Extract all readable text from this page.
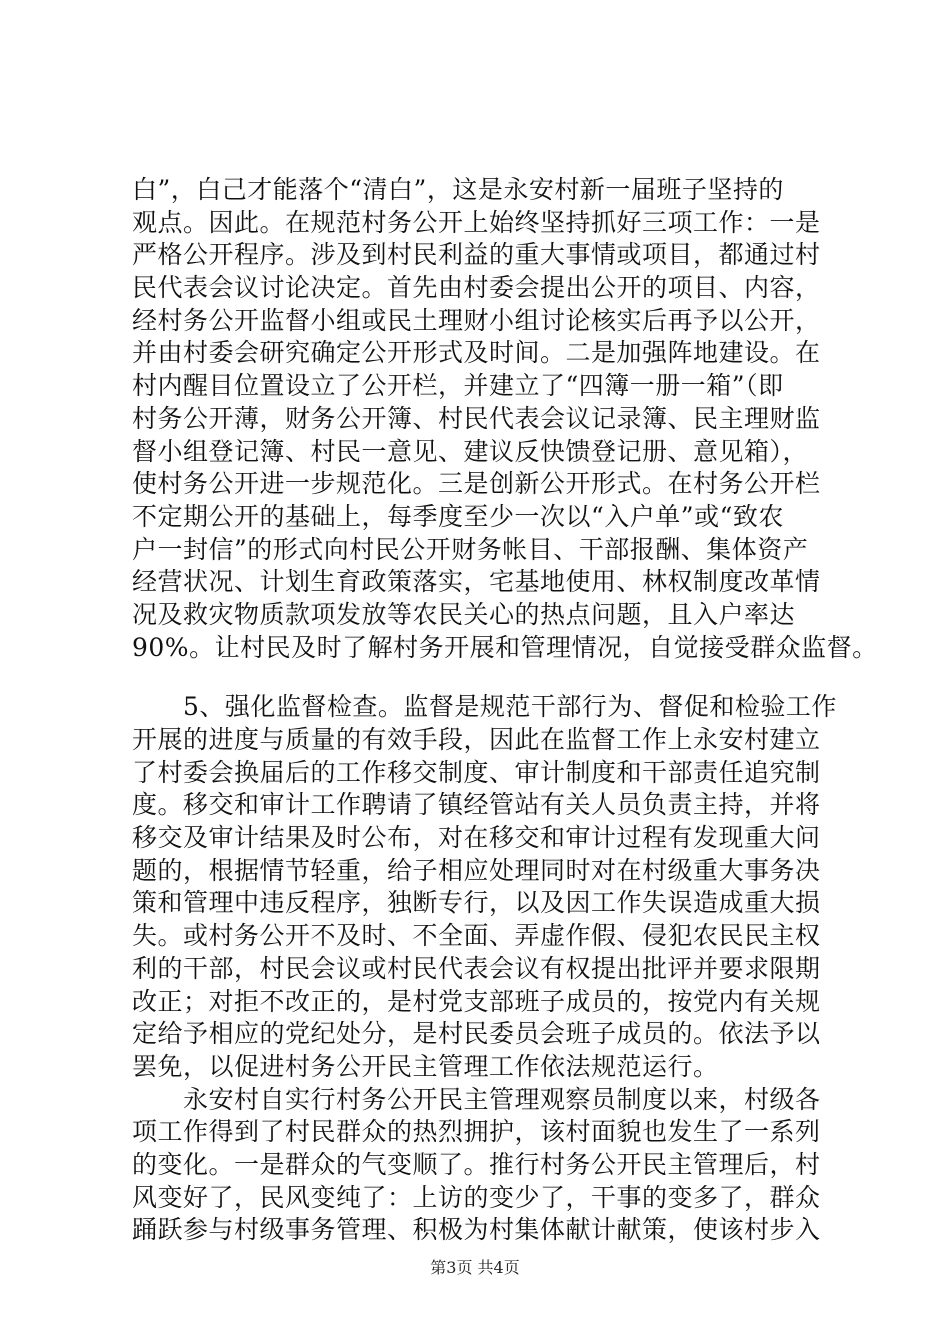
白”，白己才能落个“清白”，这是永安村新一届班子坚持的
观点。因此。在规范村务公开上始终坚持抓好三项工作：一是
严格公开程序。涉及到村民利益的重大事情或项目，都通过村
民代表会议讨论决定。首先由村委会提出公开的项目、内容，
经村务公开监督小组或民土理财小组讨论核实后再予以公开，
并由村委会研究确定公开形式及时间。二是加强阵地建设。在
村内醒目位置设立了公开栏，并建立了“四簿一册一箱”（即
村务公开薄，财务公开簿、村民代表会议记录簿、民主理财监
督小组登记簿、村民一意见、建议反快馈登记册、意见箱），
使村务公开进一步规范化。三是创新公开形式。在村务公开栏
不定期公开的基础上，每季度至少一次以“入户单”或“致农
户一封信”的形式向村民公开财务帐目、干部报酬、集体资产
经营状况、计划生育政策落实，宅基地使用、林权制度改革情
况及救灾物质款项发放等农民关心的热点问题，且入户率达
90%。让村民及时了解村务开展和管理情况，自觉接受群众监督。
　　5、强化监督检查。监督是规范干部行为、督促和检验工作
开展的进度与质量的有效手段，因此在监督工作上永安村建立
了村委会换届后的工作移交制度、审计制度和干部责任追究制
度。移交和审计工作聘请了镇经管站有关人员负责主持，并将
移交及审计结果及时公布，对在移交和审计过程有发现重大问
题的，根据情节轻重，给子相应处理同时对在村级重大事务决
策和管理中违反程序，独断专行，以及因工作失误造成重大损
失。或村务公开不及时、不全面、弄虚作假、侵犯农民民主权
利的干部，村民会议或村民代表会议有权提出批评并要求限期
改正；对拒不改正的，是村党支部班子成员的，按党内有关规
定给予相应的党纪处分，是村民委员会班子成员的。依法予以
罢免，以促进村务公开民主管理工作依法规范运行。
　　永安村自实行村务公开民主管理观察员制度以来，村级各
项工作得到了村民群众的热烈拥护，该村面貌也发生了一系列
的变化。一是群众的气变顺了。推行村务公开民主管理后，村
风变好了，民风变纯了：上访的变少了，干事的变多了，群众
踊跃参与村级事务管理、积极为村集体献计献策，使该村步入
第3页 共4页
